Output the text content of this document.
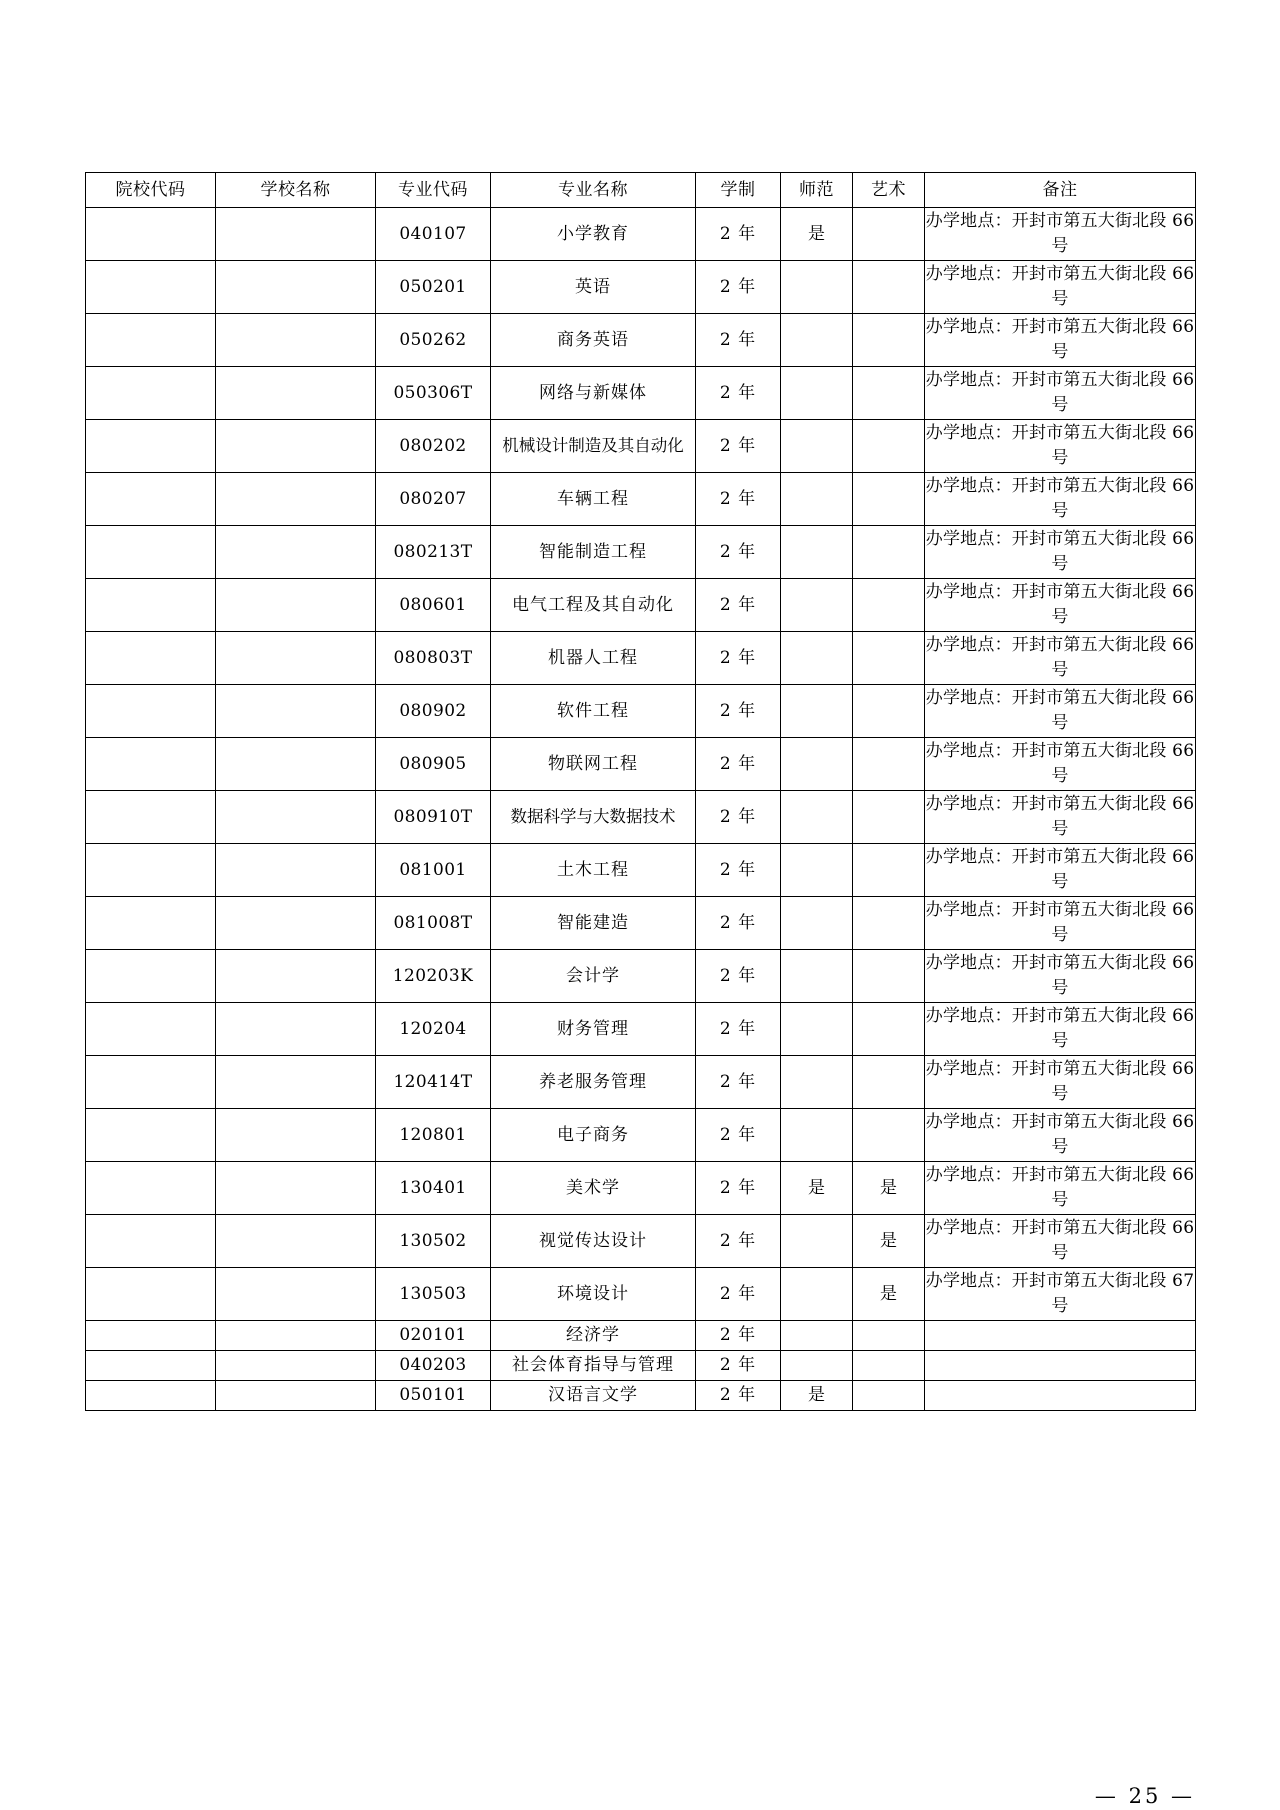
院校代码	学校名称	专业代码	专业名称	学制	师范	艺术	备注
		040107	小学教育	2 年	是		办学地点：开封市第五大街北段 66 号
		050201	英语	2 年			办学地点：开封市第五大街北段 66 号
		050262	商务英语	2 年			办学地点：开封市第五大街北段 66 号
		050306T	网络与新媒体	2 年			办学地点：开封市第五大街北段 66 号
		080202	机械设计制造及其自动化	2 年			办学地点：开封市第五大街北段 66 号
		080207	车辆工程	2 年			办学地点：开封市第五大街北段 66 号
		080213T	智能制造工程	2 年			办学地点：开封市第五大街北段 66 号
		080601	电气工程及其自动化	2 年			办学地点：开封市第五大街北段 66 号
		080803T	机器人工程	2 年			办学地点：开封市第五大街北段 66 号
		080902	软件工程	2 年			办学地点：开封市第五大街北段 66 号
		080905	物联网工程	2 年			办学地点：开封市第五大街北段 66 号
		080910T	数据科学与大数据技术	2 年			办学地点：开封市第五大街北段 66 号
		081001	土木工程	2 年			办学地点：开封市第五大街北段 66 号
		081008T	智能建造	2 年			办学地点：开封市第五大街北段 66 号
		120203K	会计学	2 年			办学地点：开封市第五大街北段 66 号
		120204	财务管理	2 年			办学地点：开封市第五大街北段 66 号
		120414T	养老服务管理	2 年			办学地点：开封市第五大街北段 66 号
		120801	电子商务	2 年			办学地点：开封市第五大街北段 66 号
		130401	美术学	2 年	是	是	办学地点：开封市第五大街北段 66 号
		130502	视觉传达设计	2 年		是	办学地点：开封市第五大街北段 66 号
		130503	环境设计	2 年		是	办学地点：开封市第五大街北段 67 号
		020101	经济学	2 年			
		040203	社会体育指导与管理	2 年			
		050101	汉语言文学	2 年	是		
— 25 —
